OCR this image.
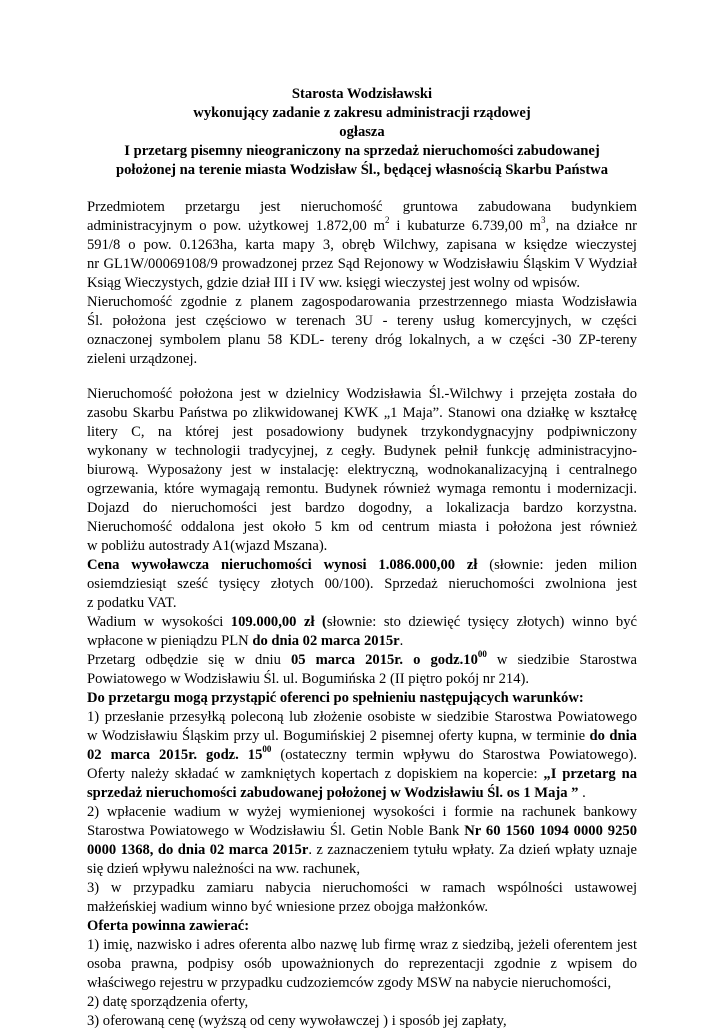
Starosta Wodzisławski
wykonujący zadanie z zakresu administracji rządowej
ogłasza
I przetarg pisemny nieograniczony na sprzedaż nieruchomości zabudowanej
położonej na terenie miasta Wodzisław Śl., będącej własnością Skarbu Państwa
Przedmiotem przetargu jest nieruchomość gruntowa zabudowana budynkiem
administracyjnym o pow. użytkowej 1.872,00 $m^2$ i kubaturze 6.739,00 $m^3$, na działce nr
591/8 o pow. 0.1263ha, karta mapy 3, obręb Wilchwy, zapisana w księdze wieczystej
nr GL1W/00069108/9 prowadzonej przez Sąd Rejonowy w Wodzisławiu Śląskim V Wydział
Ksiąg Wieczystych, gdzie dział III i IV ww. księgi wieczystej jest wolny od wpisów.
Nieruchomość zgodnie z planem zagospodarowania przestrzennego miasta Wodzisławia
Śl. położona jest częściowo w terenach 3U - tereny usług komercyjnych, w części
oznaczonej symbolem planu 58 KDL- tereny dróg lokalnych, a w części -30 ZP-tereny
zieleni urządzonej.
Nieruchomość położona jest w dzielnicy Wodzisławia Śl.-Wilchwy i przejęta została do
zasobu Skarbu Państwa po zlikwidowanej KWK „1 Maja”. Stanowi ona działkę w kształcę
litery C, na której jest posadowiony budynek trzykondygnacyjny podpiwniczony
wykonany w technologii tradycyjnej, z cegły. Budynek pełnił funkcję administracyjno-
biurową. Wyposażony jest w instalację: elektryczną, wodnokanalizacyjną i centralnego
ogrzewania, które wymagają remontu. Budynek również wymaga remontu i modernizacji.
Dojazd do nieruchomości jest bardzo dogodny, a lokalizacja bardzo korzystna.
Nieruchomość oddalona jest około 5 km od centrum miasta i położona jest również
w pobliżu autostrady A1(wjazd Mszana).
Cena wywoławcza nieruchomości wynosi 1.086.000,00 zł (słownie: jeden milion
osiemdziesiąt sześć tysięcy złotych 00/100). Sprzedaż nieruchomości zwolniona jest
z podatku VAT.
Wadium w wysokości 109.000,00 zł (słownie: sto dziewięć tysięcy złotych) winno być
wpłacone w pieniądzu PLN do dnia 02 marca 2015r.
Przetarg odbędzie się w dniu 05 marca 2015r. o $godz.10^{00}$ w siedzibie Starostwa
Powiatowego w Wodzisławiu Śl. ul. Bogumińska 2 (II piętro pokój nr 214).
Do przetargu mogą przystąpić oferenci po spełnieniu następujących warunków:
1) przesłanie przesyłką poleconą lub złożenie osobiste w siedzibie Starostwa Powiatowego
w Wodzisławiu Śląskim przy ul. Bogumińskiej 2 pisemnej oferty kupna, w terminie do dnia
02 marca 2015r. godz. $15^{00}$ (ostateczny termin wpływu do Starostwa Powiatowego).
Oferty należy składać w zamkniętych kopertach z dopiskiem na kopercie: „I przetarg na
sprzedaż nieruchomości zabudowanej położonej w Wodzisławiu Śl. os 1 Maja ” .
2) wpłacenie wadium w wyżej wymienionej wysokości i formie na rachunek bankowy
Starostwa Powiatowego w Wodzisławiu Śl. Getin Noble Bank Nr 60 1560 1094 0000 9250
0000 1368, do dnia 02 marca 2015r. z zaznaczeniem tytułu wpłaty. Za dzień wpłaty uznaje
się dzień wpływu należności na ww. rachunek,
3) w przypadku zamiaru nabycia nieruchomości w ramach wspólności ustawowej
małżeńskiej wadium winno być wniesione przez obojga małżonków.
Oferta powinna zawierać:
1) imię, nazwisko i adres oferenta albo nazwę lub firmę wraz z siedzibą, jeżeli oferentem jest
osoba prawna, podpisy osób upoważnionych do reprezentacji zgodnie z wpisem do
właściwego rejestru w przypadku cudzoziemców zgody MSW na nabycie nieruchomości,
2) datę sporządzenia oferty,
3) oferowaną cenę (wyższą od ceny wywoławczej ) i sposób jej zapłaty,
